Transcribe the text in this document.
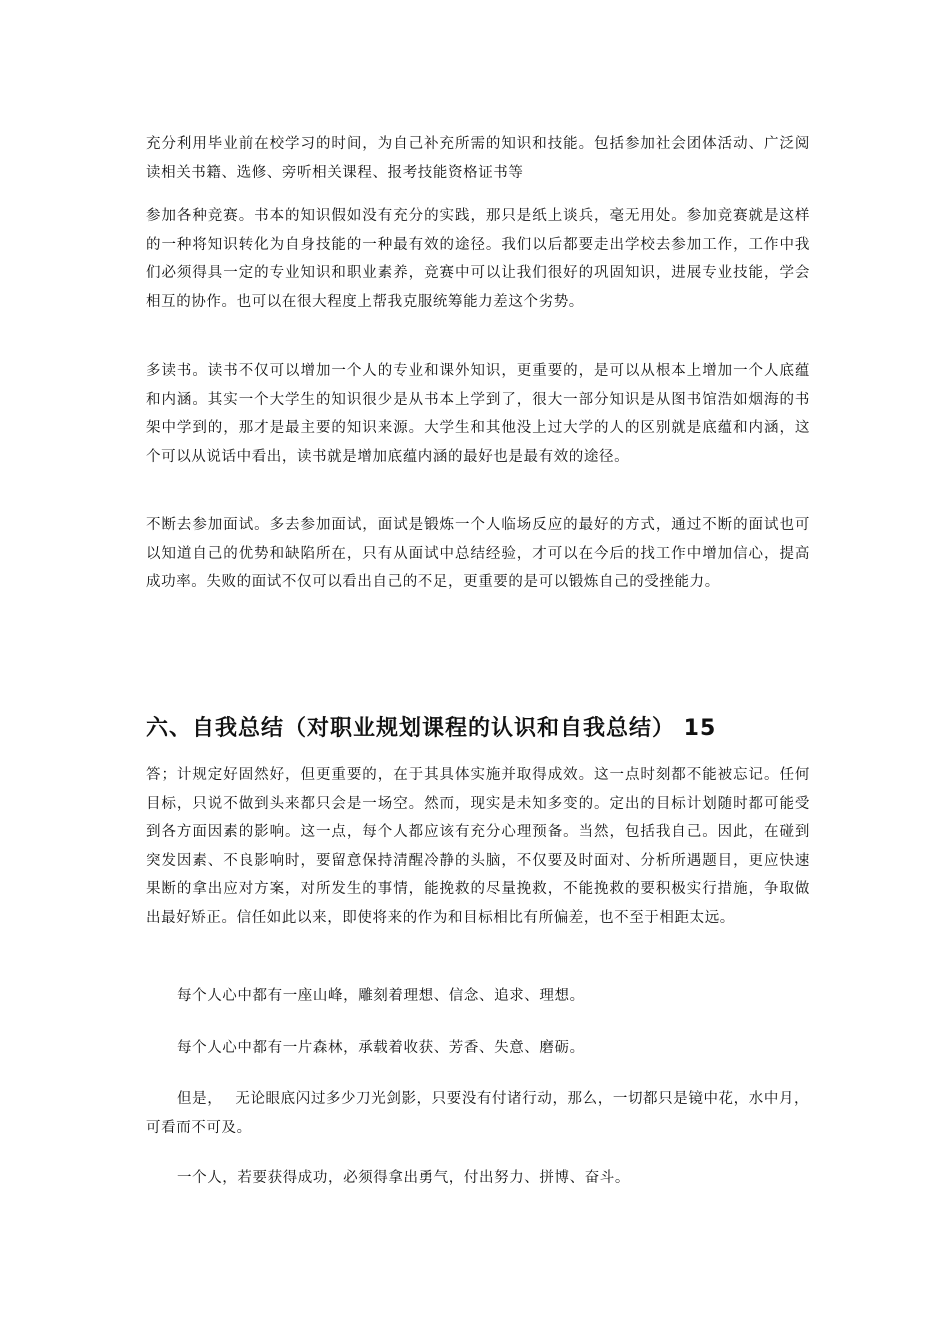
充分利用毕业前在校学习的时间，为自己补充所需的知识和技能。包括参加社会团体活动、广泛阅读相关书籍、选修、旁听相关课程、报考技能资格证书等

参加各种竞赛。书本的知识假如没有充分的实践，那只是纸上谈兵，毫无用处。参加竞赛就是这样的一种将知识转化为自身技能的一种最有效的途径。我们以后都要走出学校去参加工作，工作中我们必须得具一定的专业知识和职业素养，竞赛中可以让我们很好的巩固知识，进展专业技能，学会相互的协作。也可以在很大程度上帮我克服统筹能力差这个劣势。

多读书。读书不仅可以增加一个人的专业和课外知识，更重要的，是可以从根本上增加一个人底蕴和内涵。其实一个大学生的知识很少是从书本上学到了，很大一部分知识是从图书馆浩如烟海的书架中学到的，那才是最主要的知识来源。大学生和其他没上过大学的人的区别就是底蕴和内涵，这个可以从说话中看出，读书就是增加底蕴内涵的最好也是最有效的途径。

不断去参加面试。多去参加面试，面试是锻炼一个人临场反应的最好的方式，通过不断的面试也可以知道自己的优势和缺陷所在，只有从面试中总结经验，才可以在今后的找工作中增加信心，提高成功率。失败的面试不仅可以看出自己的不足，更重要的是可以锻炼自己的受挫能力。

六、自我总结（对职业规划课程的认识和自我总结） 15

答；计规定好固然好，但更重要的，在于其具体实施并取得成效。这一点时刻都不能被忘记。任何目标，只说不做到头来都只会是一场空。然而，现实是未知多变的。定出的目标计划随时都可能受到各方面因素的影响。这一点，每个人都应该有充分心理预备。当然，包括我自己。因此，在碰到突发因素、不良影响时，要留意保持清醒冷静的头脑，不仅要及时面对、分析所遇题目，更应快速果断的拿出应对方案，对所发生的事情，能挽救的尽量挽救，不能挽救的要积极实行措施，争取做出最好矫正。信任如此以来，即使将来的作为和目标相比有所偏差，也不至于相距太远。

每个人心中都有一座山峰，雕刻着理想、信念、追求、理想。

每个人心中都有一片森林，承载着收获、芳香、失意、磨砺。

但是，　 无论眼底闪过多少刀光剑影，只要没有付诸行动，那么，一切都只是镜中花，水中月，可看而不可及。

一个人，若要获得成功，必须得拿出勇气，付出努力、拼博、奋斗。
